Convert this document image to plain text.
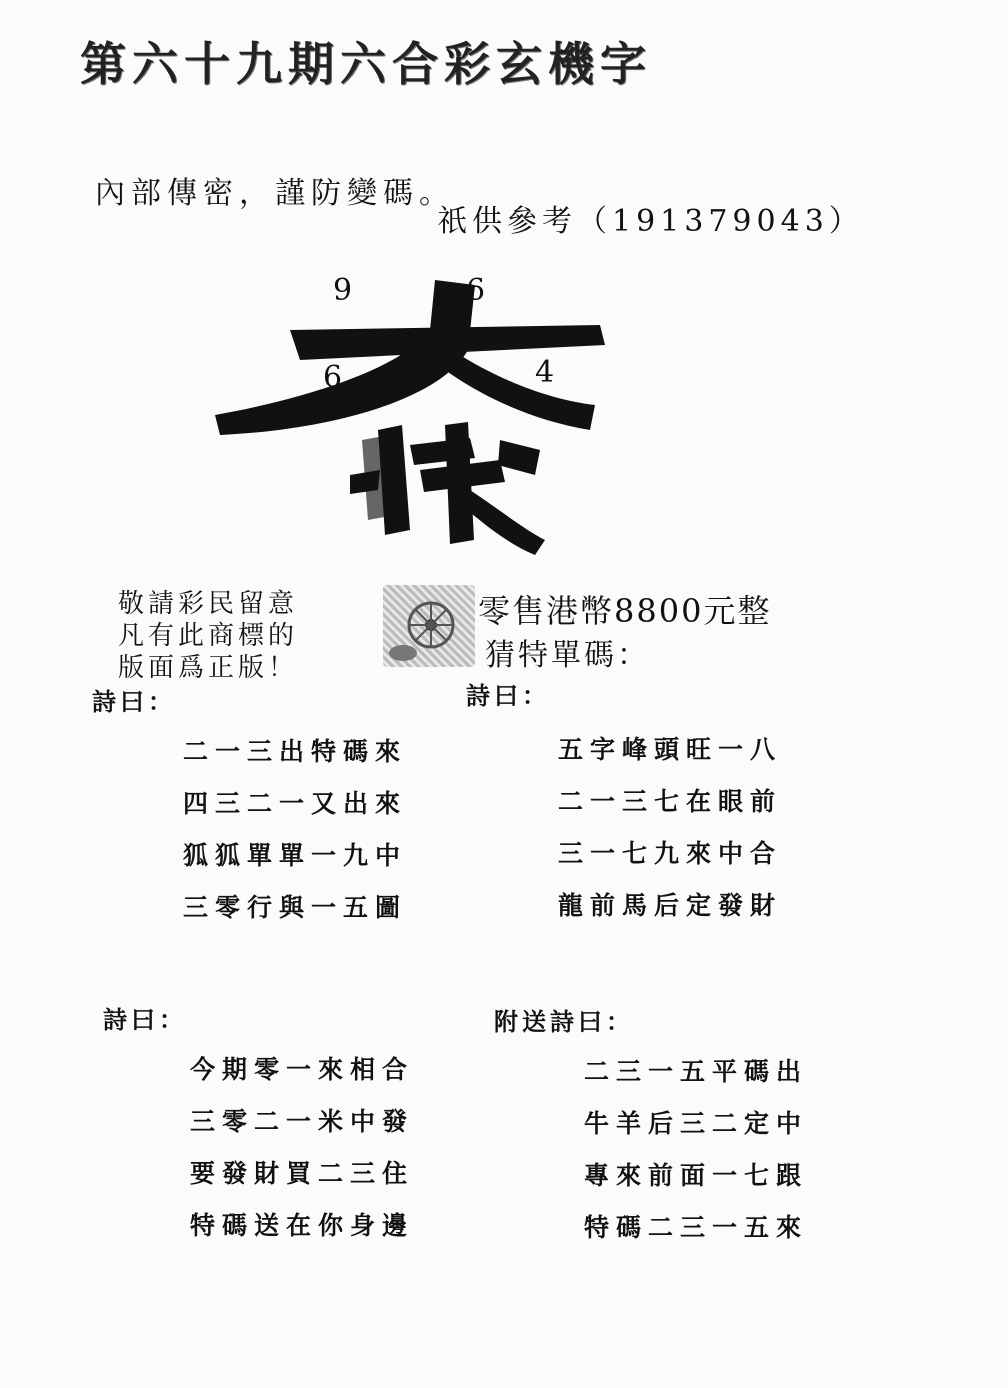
第六十九期六合彩玄機字
內部傳密，謹防變碼。
祇供參考（191379043）
9	6
6	4
敬請彩民留意
凡有此商標的
版面爲正版！
零售港幣8800元整
猜特單碼：
詩曰：	詩曰：
二一三出特碼來
四三二一又出來
狐狐單單一九中
三零行與一五圖
五字峰頭旺一八
二一三七在眼前
三一七九來中合
龍前馬后定發財
詩曰：	附送詩曰：
今期零一來相合
三零二一米中發
要發財買二三住
特碼送在你身邊
二三一五平碼出
牛羊后三二定中
專來前面一七跟
特碼二三一五來
